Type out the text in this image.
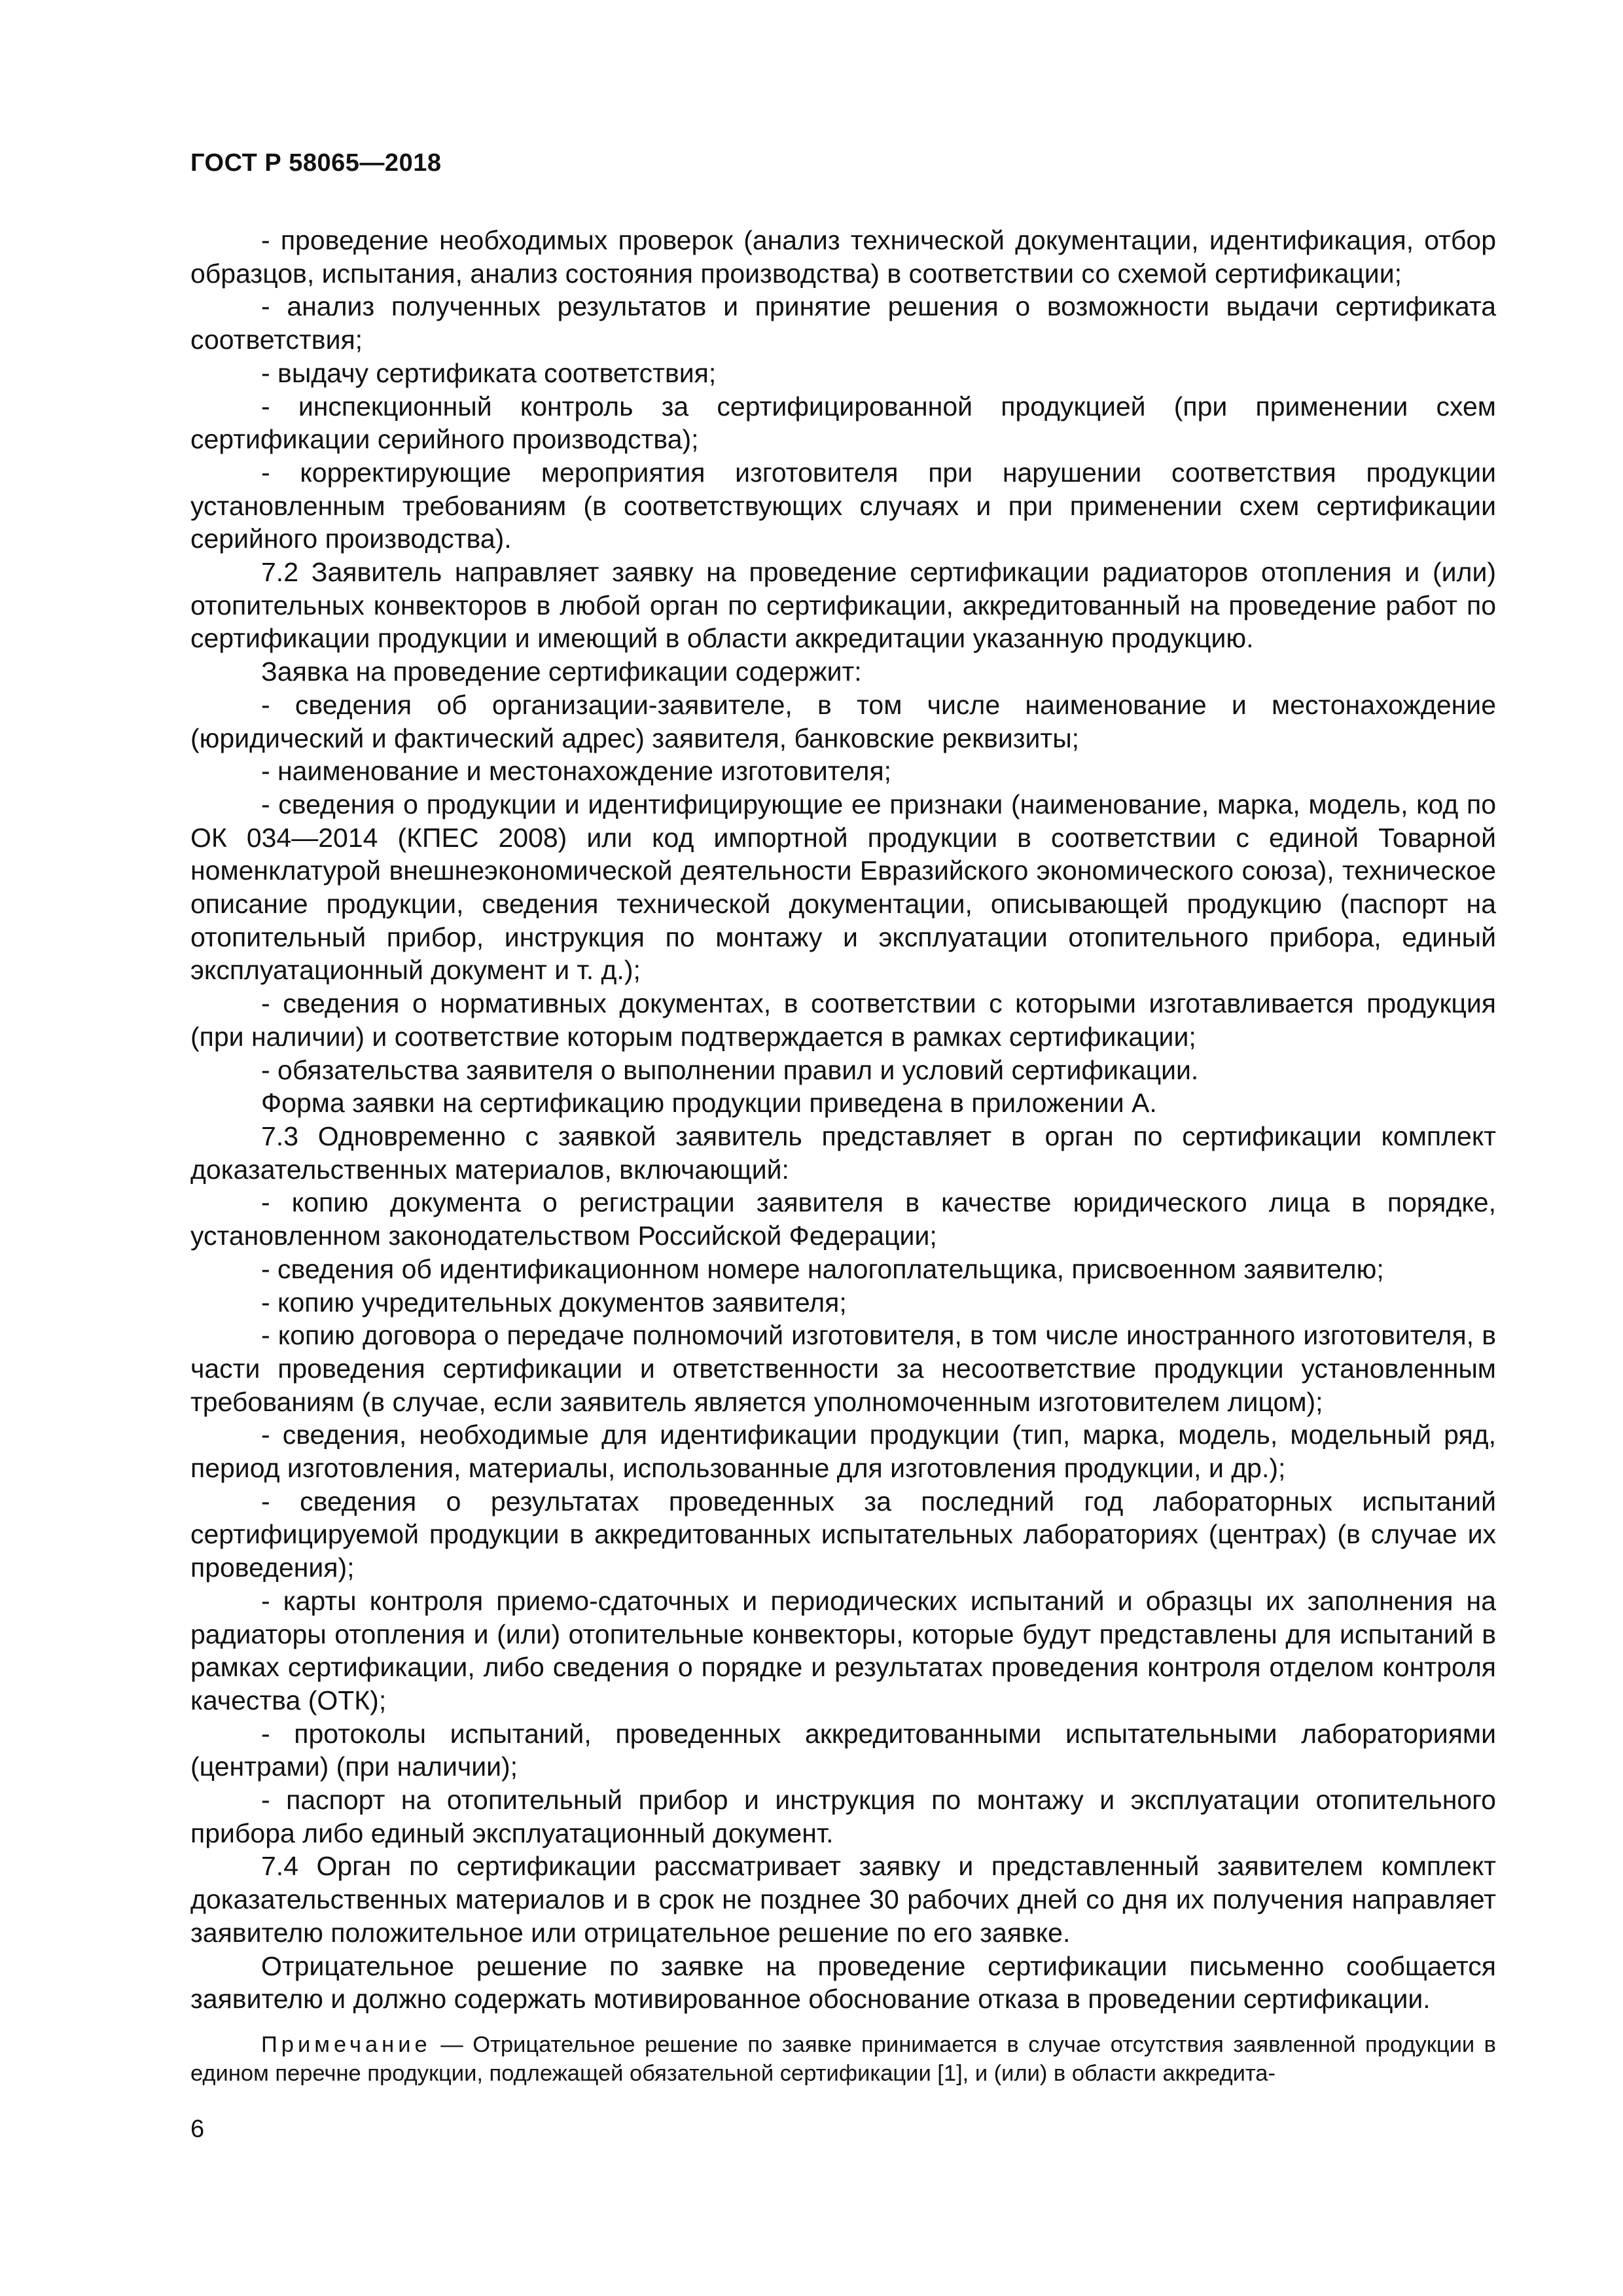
ГОСТ Р 58065—2018

- проведение необходимых проверок (анализ технической документации, идентификация, отбор образцов, испытания, анализ состояния производства) в соответствии со схемой сертификации;

- анализ полученных результатов и принятие решения о возможности выдачи сертификата соответствия;

- выдачу сертификата соответствия;

- инспекционный контроль за сертифицированной продукцией (при применении схем сертификации серийного производства);

- корректирующие мероприятия изготовителя при нарушении соответствия продукции установленным требованиям (в соответствующих случаях и при применении схем сертификации серийного производства).

7.2 Заявитель направляет заявку на проведение сертификации радиаторов отопления и (или) отопительных конвекторов в любой орган по сертификации, аккредитованный на проведение работ по сертификации продукции и имеющий в области аккредитации указанную продукцию.

Заявка на проведение сертификации содержит:

- сведения об организации-заявителе, в том числе наименование и местонахождение (юридический и фактический адрес) заявителя, банковские реквизиты;

- наименование и местонахождение изготовителя;

- сведения о продукции и идентифицирующие ее признаки (наименование, марка, модель, код по ОК 034—2014 (КПЕС 2008) или код импортной продукции в соответствии с единой Товарной номенклатурой внешнеэкономической деятельности Евразийского экономического союза), техническое описание продукции, сведения технической документации, описывающей продукцию (паспорт на отопительный прибор, инструкция по монтажу и эксплуатации отопительного прибора, единый эксплуатационный документ и т. д.);

- сведения о нормативных документах, в соответствии с которыми изготавливается продукция (при наличии) и соответствие которым подтверждается в рамках сертификации;

- обязательства заявителя о выполнении правил и условий сертификации.

Форма заявки на сертификацию продукции приведена в приложении А.

7.3 Одновременно с заявкой заявитель представляет в орган по сертификации комплект доказательственных материалов, включающий:

- копию документа о регистрации заявителя в качестве юридического лица в порядке, установленном законодательством Российской Федерации;

- сведения об идентификационном номере налогоплательщика, присвоенном заявителю;

- копию учредительных документов заявителя;

- копию договора о передаче полномочий изготовителя, в том числе иностранного изготовителя, в части проведения сертификации и ответственности за несоответствие продукции установленным требованиям (в случае, если заявитель является уполномоченным изготовителем лицом);

- сведения, необходимые для идентификации продукции (тип, марка, модель, модельный ряд, период изготовления, материалы, использованные для изготовления продукции, и др.);

- сведения о результатах проведенных за последний год лабораторных испытаний сертифицируемой продукции в аккредитованных испытательных лабораториях (центрах) (в случае их проведения);

- карты контроля приемо-сдаточных и периодических испытаний и образцы их заполнения на радиаторы отопления и (или) отопительные конвекторы, которые будут представлены для испытаний в рамках сертификации, либо сведения о порядке и результатах проведения контроля отделом контроля качества (ОТК);

- протоколы испытаний, проведенных аккредитованными испытательными лабораториями (центрами) (при наличии);

- паспорт на отопительный прибор и инструкция по монтажу и эксплуатации отопительного прибора либо единый эксплуатационный документ.

7.4 Орган по сертификации рассматривает заявку и представленный заявителем комплект доказательственных материалов и в срок не позднее 30 рабочих дней со дня их получения направляет заявителю положительное или отрицательное решение по его заявке.

Отрицательное решение по заявке на проведение сертификации письменно сообщается заявителю и должно содержать мотивированное обоснование отказа в проведении сертификации.

Примечание — Отрицательное решение по заявке принимается в случае отсутствия заявленной продукции в едином перечне продукции, подлежащей обязательной сертификации [1], и (или) в области аккредита-

6
